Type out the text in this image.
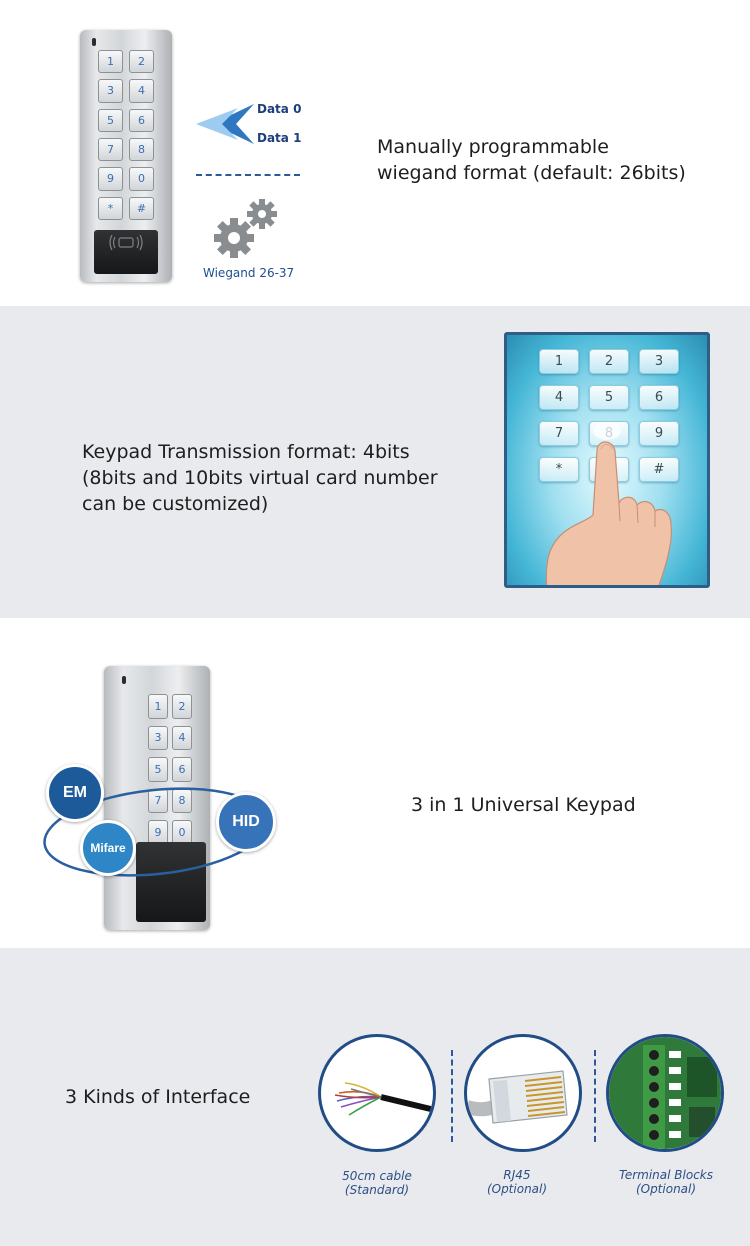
1	2
3	4
5	6
7	8
9	0
*	#
Data 0
Data 1
Wiegand 26-37
Manually programmable
wiegand format (default: 26bits)
Keypad Transmission format: 4bits
(8bits and 10bits virtual card number
can be customized)
1	2	3
4	5	6
7	9
*	#
1	2
3	4
5	6
7	8
9	0
EM
Mifare
HID
3 in 1 Universal Keypad
3 Kinds of Interface
50cm cable
(Standard)
RJ45
(Optional)
Terminal Blocks
(Optional)
